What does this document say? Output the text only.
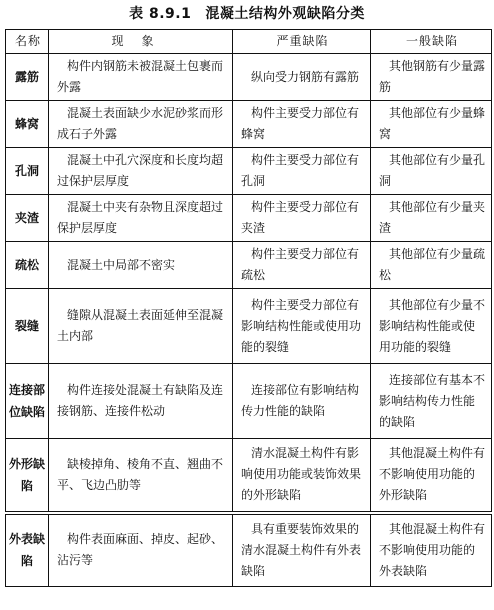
表 8.9.1 混凝土结构外观缺陷分类
名称	现象	严重缺陷	一般缺陷
露筋	构件内钢筋未被混凝土包裹而外露	纵向受力钢筋有露筋	其他钢筋有少量露筋
蜂窝	混凝土表面缺少水泥砂浆而形成石子外露	构件主要受力部位有蜂窝	其他部位有少量蜂窝
孔洞	混凝土中孔穴深度和长度均超过保护层厚度	构件主要受力部位有孔洞	其他部位有少量孔洞
夹渣	混凝土中夹有杂物且深度超过保护层厚度	构件主要受力部位有夹渣	其他部位有少量夹渣
疏松	混凝土中局部不密实	构件主要受力部位有疏松	其他部位有少量疏松
裂缝	缝隙从混凝土表面延伸至混凝土内部	构件主要受力部位有影响结构性能或使用功能的裂缝	其他部位有少量不影响结构性能或使用功能的裂缝
连接部位缺陷	构件连接处混凝土有缺陷及连接钢筋、连接件松动	连接部位有影响结构传力性能的缺陷	连接部位有基本不影响结构传力性能的缺陷
外形缺陷	缺棱掉角、棱角不直、翘曲不平、飞边凸肋等	清水混凝土构件有影响使用功能或装饰效果的外形缺陷	其他混凝土构件有不影响使用功能的外形缺陷
外表缺陷	构件表面麻面、掉皮、起砂、沾污等	具有重要装饰效果的清水混凝土构件有外表缺陷	其他混凝土构件有不影响使用功能的外表缺陷
